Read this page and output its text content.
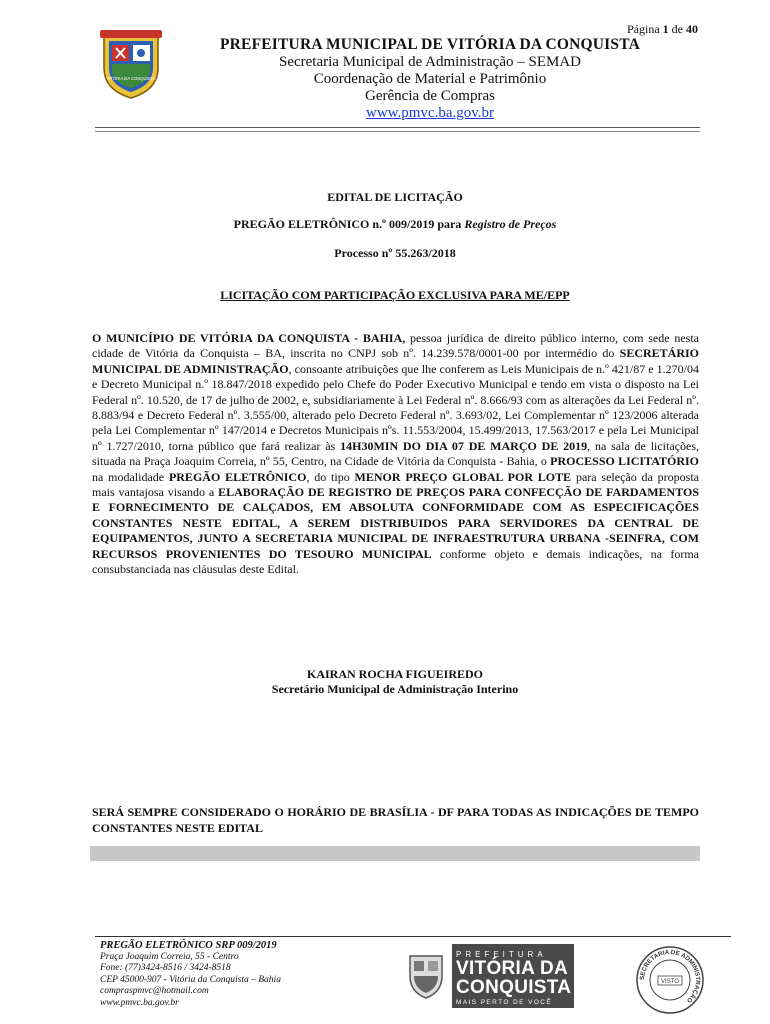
Página 1 de 40
VITÓRIA DA CONQUISTA
PREFEITURA MUNICIPAL DE VITÓRIA DA CONQUISTA
Secretaria Municipal de Administração – SEMAD
Coordenação de Material e Patrimônio
Gerência de Compras
www.pmvc.ba.gov.br
EDITAL DE LICITAÇÃO
PREGÃO ELETRÔNICO n.º 009/2019 para Registro de Preços
Processo nº 55.263/2018
LICITAÇÃO COM PARTICIPAÇÃO EXCLUSIVA PARA ME/EPP
O MUNICÍPIO DE VITÓRIA DA CONQUISTA - BAHIA, pessoa jurídica de direito público interno, com sede nesta cidade de Vitória da Conquista – BA, inscrita no CNPJ sob nº. 14.239.578/0001-00 por intermédio do SECRETÁRIO MUNICIPAL DE ADMINISTRAÇÃO, consoante atribuições que lhe conferem as Leis Municipais de n.º 421/87 e 1.270/04 e Decreto Municipal n.º 18.847/2018 expedido pelo Chefe do Poder Executivo Municipal e tendo em vista o disposto na Lei Federal nº. 10.520, de 17 de julho de 2002, e, subsidiariamente à Lei Federal nº. 8.666/93 com as alterações da Lei Federal nº. 8.883/94 e Decreto Federal nº. 3.555/00, alterado pelo Decreto Federal nº. 3.693/02, Lei Complementar nº 123/2006 alterada pela Lei Complementar nº 147/2014 e Decretos Municipais nºs. 11.553/2004, 15.499/2013, 17.563/2017 e pela Lei Municipal nº 1.727/2010, torna público que fará realizar às 14H30MIN DO DIA 07 DE MARÇO DE 2019, na sala de licitações, situada na Praça Joaquim Correia, nº 55, Centro, na Cidade de Vitória da Conquista - Bahia, o PROCESSO LICITATÓRIO na modalidade PREGÃO ELETRÔNICO, do tipo MENOR PREÇO GLOBAL POR LOTE para seleção da proposta mais vantajosa visando a ELABORAÇÃO DE REGISTRO DE PREÇOS PARA CONFECÇÃO DE FARDAMENTOS E FORNECIMENTO DE CALÇADOS, EM ABSOLUTA CONFORMIDADE COM AS ESPECIFICAÇÕES CONSTANTES NESTE EDITAL, A SEREM DISTRIBUIDOS PARA SERVIDORES DA CENTRAL DE EQUIPAMENTOS, JUNTO A SECRETARIA MUNICIPAL DE INFRAESTRUTURA URBANA -SEINFRA, COM RECURSOS PROVENIENTES DO TESOURO MUNICIPAL conforme objeto e demais indicações, na forma consubstanciada nas cláusulas deste Edital.
KAIRAN ROCHA FIGUEIREDO
Secretário Municipal de Administração Interino
SERÁ SEMPRE CONSIDERADO O HORÁRIO DE BRASÍLIA - DF PARA TODAS AS INDICAÇÕES DE TEMPO CONSTANTES NESTE EDITAL
PREGÃO ELETRÔNICO SRP 009/2019
Praça Joaquim Correia, 55 - Centro
Fone: (77)3424-8516 / 3424-8518
CEP 45000-907 - Vitória da Conquista – Bahia
compraspmvc@hotmail.com
www.pmvc.ba.gov.br
PREFEITURA
VITÓRIA DA
CONQUISTA
MAIS PERTO DE VOCÊ
SECRETARIA DE ADMINISTRAÇÃO
VISTO
